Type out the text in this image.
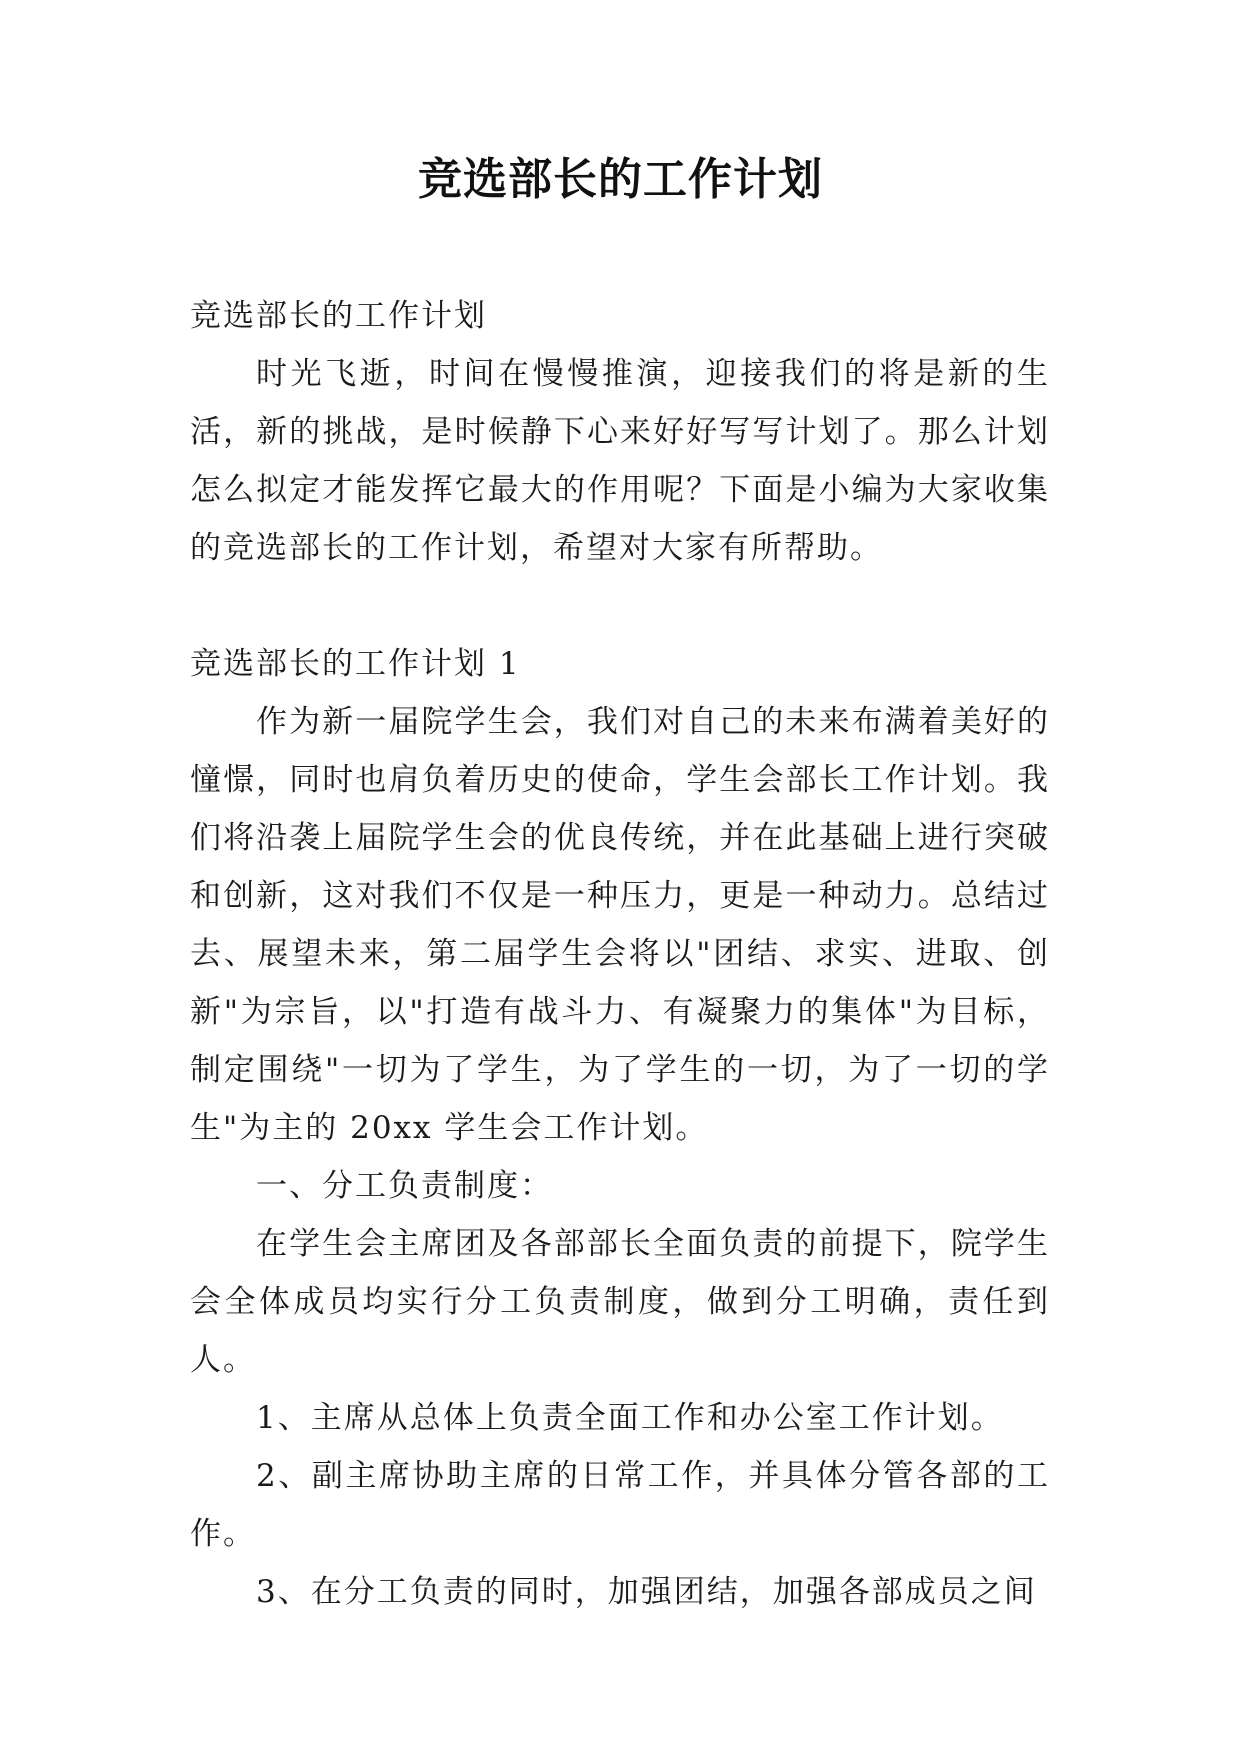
竞选部长的工作计划

竞选部长的工作计划

时光飞逝，时间在慢慢推演，迎接我们的将是新的生活，新的挑战，是时候静下心来好好写写计划了。那么计划怎么拟定才能发挥它最大的作用呢？下面是小编为大家收集的竞选部长的工作计划，希望对大家有所帮助。

竞选部长的工作计划 1

作为新一届院学生会，我们对自己的未来布满着美好的憧憬，同时也肩负着历史的使命，学生会部长工作计划。我们将沿袭上届院学生会的优良传统，并在此基础上进行突破和创新，这对我们不仅是一种压力，更是一种动力。总结过去、展望未来，第二届学生会将以"团结、求实、进取、创新"为宗旨，以"打造有战斗力、有凝聚力的集体"为目标，制定围绕"一切为了学生，为了学生的一切，为了一切的学生"为主的 20xx 学生会工作计划。

一、分工负责制度：

在学生会主席团及各部部长全面负责的前提下，院学生会全体成员均实行分工负责制度，做到分工明确，责任到人。

1、主席从总体上负责全面工作和办公室工作计划。

2、副主席协助主席的日常工作，并具体分管各部的工作。

3、在分工负责的同时，加强团结，加强各部成员之间
